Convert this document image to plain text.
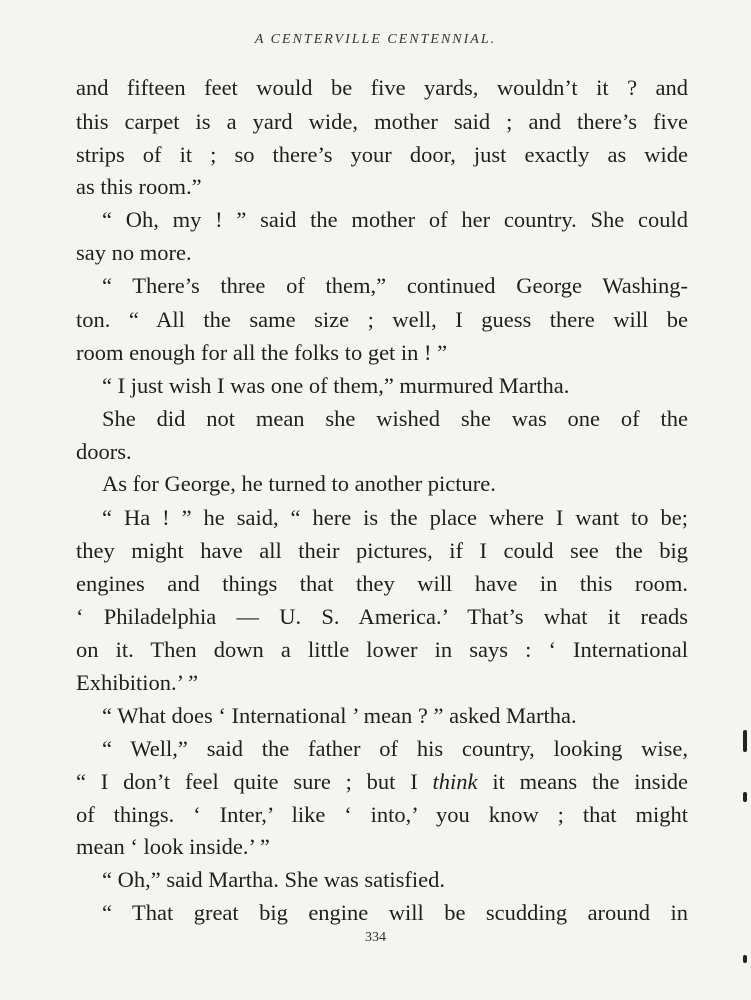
A CENTERVILLE CENTENNIAL.
and fifteen feet would be five yards, wouldn’t it ? and
this carpet is a yard wide, mother said ; and there’s five
strips of it ; so there’s your door, just exactly as wide
as this room.”
“ Oh, my ! ” said the mother of her country. She could
say no more.
“ There’s three of them,” continued George Washing-
ton. “ All the same size ; well, I guess there will be
room enough for all the folks to get in ! ”
“ I just wish I was one of them,” murmured Martha.
She did not mean she wished she was one of the
doors.
As for George, he turned to another picture.
“ Ha ! ” he said, “ here is the place where I want to be;
they might have all their pictures, if I could see the big
engines and things that they will have in this room.
‘ Philadelphia — U. S. America.’ That’s what it reads
on it. Then down a little lower in says : ‘ International
Exhibition.’ ”
“ What does ‘ International ’ mean ? ” asked Martha.
“ Well,” said the father of his country, looking wise,
“ I don’t feel quite sure ; but I think it means the inside
of things. ‘ Inter,’ like ‘ into,’ you know ; that might
mean ‘ look inside.’ ”
“ Oh,” said Martha. She was satisfied.
“ That great big engine will be scudding around in
334
